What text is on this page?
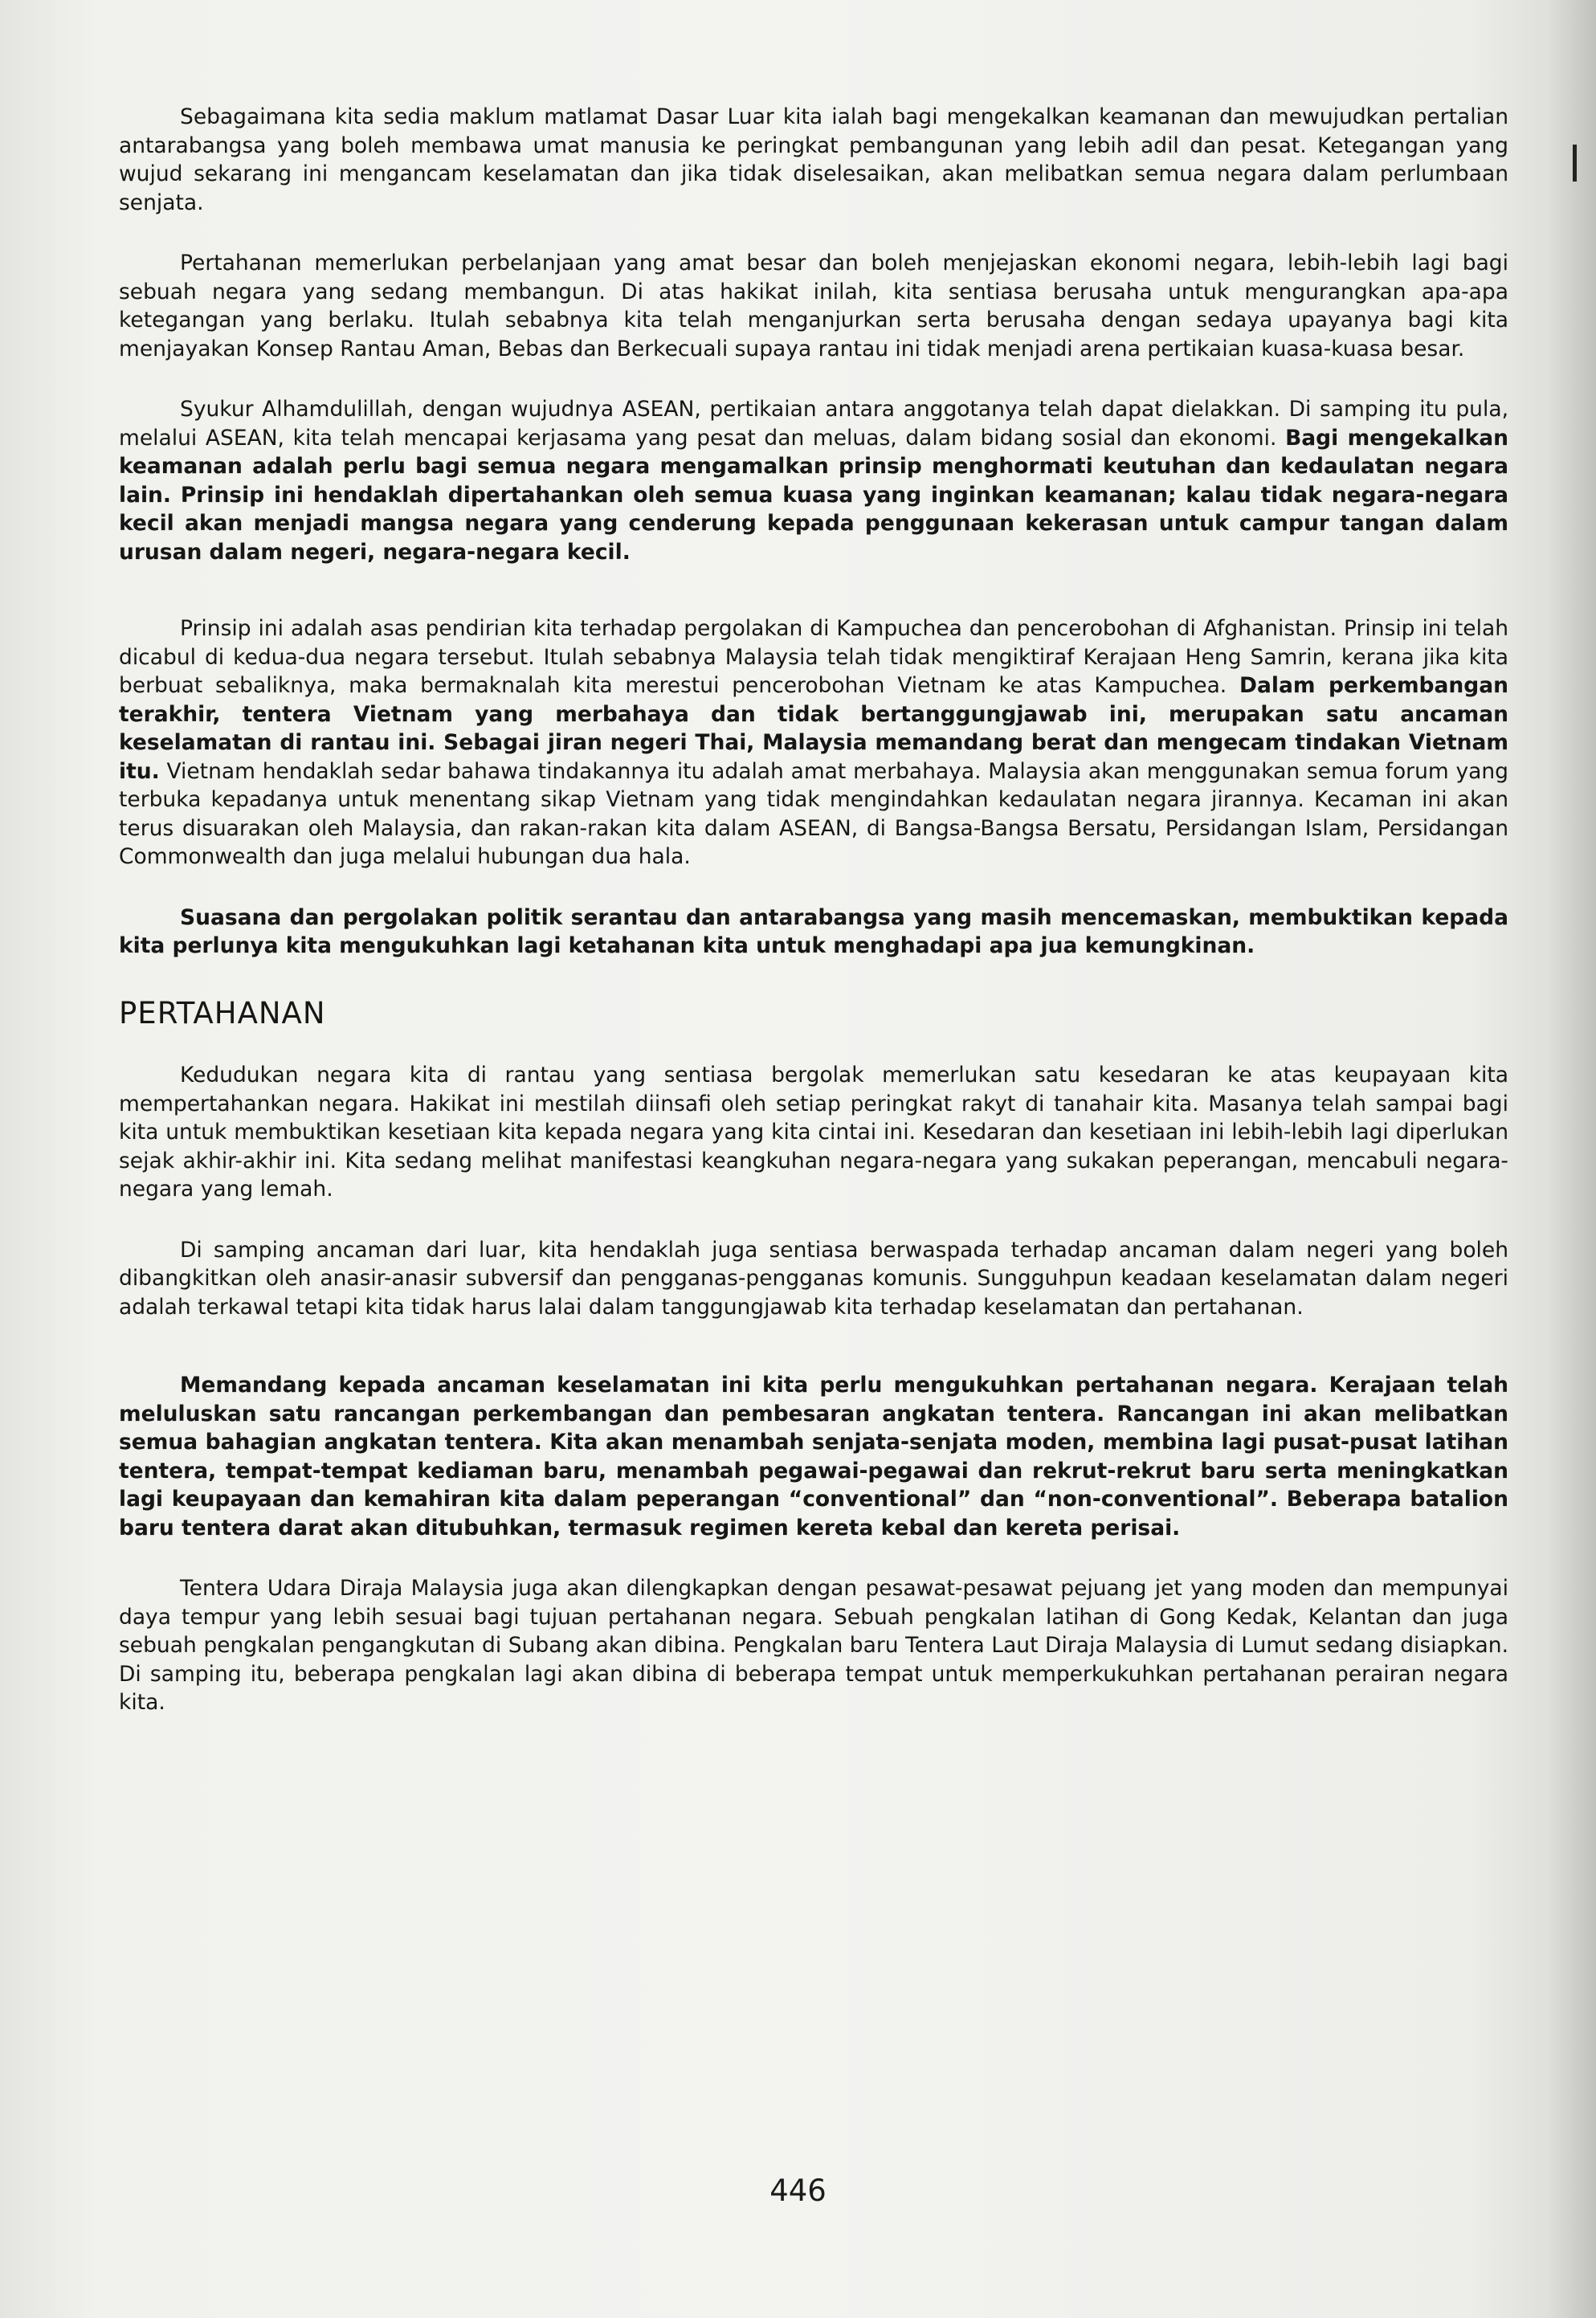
Sebagaimana kita sedia maklum matlamat Dasar Luar kita ialah bagi mengekalkan keamanan dan mewujudkan pertalian antarabangsa yang boleh membawa umat manusia ke peringkat pembangunan yang lebih adil dan pesat. Ketegangan yang wujud sekarang ini mengancam keselamatan dan jika tidak diselesaikan, akan melibatkan semua negara dalam perlumbaan senjata.

Pertahanan memerlukan perbelanjaan yang amat besar dan boleh menjejaskan ekonomi negara, lebih-lebih lagi bagi sebuah negara yang sedang membangun. Di atas hakikat inilah, kita sentiasa berusaha untuk mengurangkan apa-apa ketegangan yang berlaku. Itulah sebabnya kita telah menganjurkan serta berusaha dengan sedaya upayanya bagi kita menjayakan Konsep Rantau Aman, Bebas dan Berkecuali supaya rantau ini tidak menjadi arena pertikaian kuasa-kuasa besar.

Syukur Alhamdulillah, dengan wujudnya ASEAN, pertikaian antara anggotanya telah dapat dielakkan. Di samping itu pula, melalui ASEAN, kita telah mencapai kerjasama yang pesat dan meluas, dalam bidang sosial dan ekonomi. Bagi mengekalkan keamanan adalah perlu bagi semua negara mengamalkan prinsip menghormati keutuhan dan kedaulatan negara lain. Prinsip ini hendaklah dipertahankan oleh semua kuasa yang inginkan keamanan; kalau tidak negara-negara kecil akan menjadi mangsa negara yang cenderung kepada penggunaan kekerasan untuk campur tangan dalam urusan dalam negeri, negara-negara kecil.

Prinsip ini adalah asas pendirian kita terhadap pergolakan di Kampuchea dan pencerobohan di Afghanistan. Prinsip ini telah dicabul di kedua-dua negara tersebut. Itulah sebabnya Malaysia telah tidak mengiktiraf Kerajaan Heng Samrin, kerana jika kita berbuat sebaliknya, maka bermaknalah kita merestui pencerobohan Vietnam ke atas Kampuchea. Dalam perkembangan terakhir, tentera Vietnam yang merbahaya dan tidak bertanggungjawab ini, merupakan satu ancaman keselamatan di rantau ini. Sebagai jiran negeri Thai, Malaysia memandang berat dan mengecam tindakan Vietnam itu. Vietnam hendaklah sedar bahawa tindakannya itu adalah amat merbahaya. Malaysia akan menggunakan semua forum yang terbuka kepadanya untuk menentang sikap Vietnam yang tidak mengindahkan kedaulatan negara jirannya. Kecaman ini akan terus disuarakan oleh Malaysia, dan rakan-rakan kita dalam ASEAN, di Bangsa-Bangsa Bersatu, Persidangan Islam, Persidangan Commonwealth dan juga melalui hubungan dua hala.

Suasana dan pergolakan politik serantau dan antarabangsa yang masih mencemaskan, membuktikan kepada kita perlunya kita mengukuhkan lagi ketahanan kita untuk menghadapi apa jua kemungkinan.

PERTAHANAN

Kedudukan negara kita di rantau yang sentiasa bergolak memerlukan satu kesedaran ke atas keupayaan kita mempertahankan negara. Hakikat ini mestilah diinsafi oleh setiap peringkat rakyt di tanahair kita. Masanya telah sampai bagi kita untuk membuktikan kesetiaan kita kepada negara yang kita cintai ini. Kesedaran dan kesetiaan ini lebih-lebih lagi diperlukan sejak akhir-akhir ini. Kita sedang melihat manifestasi keangkuhan negara-negara yang sukakan peperangan, mencabuli negara-negara yang lemah.

Di samping ancaman dari luar, kita hendaklah juga sentiasa berwaspada terhadap ancaman dalam negeri yang boleh dibangkitkan oleh anasir-anasir subversif dan pengganas-pengganas komunis. Sungguhpun keadaan keselamatan dalam negeri adalah terkawal tetapi kita tidak harus lalai dalam tanggungjawab kita terhadap keselamatan dan pertahanan.

Memandang kepada ancaman keselamatan ini kita perlu mengukuhkan pertahanan negara. Kerajaan telah meluluskan satu rancangan perkembangan dan pembesaran angkatan tentera. Rancangan ini akan melibatkan semua bahagian angkatan tentera. Kita akan menambah senjata-senjata moden, membina lagi pusat-pusat latihan tentera, tempat-tempat kediaman baru, menambah pegawai-pegawai dan rekrut-rekrut baru serta meningkatkan lagi keupayaan dan kemahiran kita dalam peperangan “conventional” dan “non-conventional”. Beberapa batalion baru tentera darat akan ditubuhkan, termasuk regimen kereta kebal dan kereta perisai.

Tentera Udara Diraja Malaysia juga akan dilengkapkan dengan pesawat-pesawat pejuang jet yang moden dan mempunyai daya tempur yang lebih sesuai bagi tujuan pertahanan negara. Sebuah pengkalan latihan di Gong Kedak, Kelantan dan juga sebuah pengkalan pengangkutan di Subang akan dibina. Pengkalan baru Tentera Laut Diraja Malaysia di Lumut sedang disiapkan. Di samping itu, beberapa pengkalan lagi akan dibina di beberapa tempat untuk memperkukuhkan pertahanan perairan negara kita.

446
